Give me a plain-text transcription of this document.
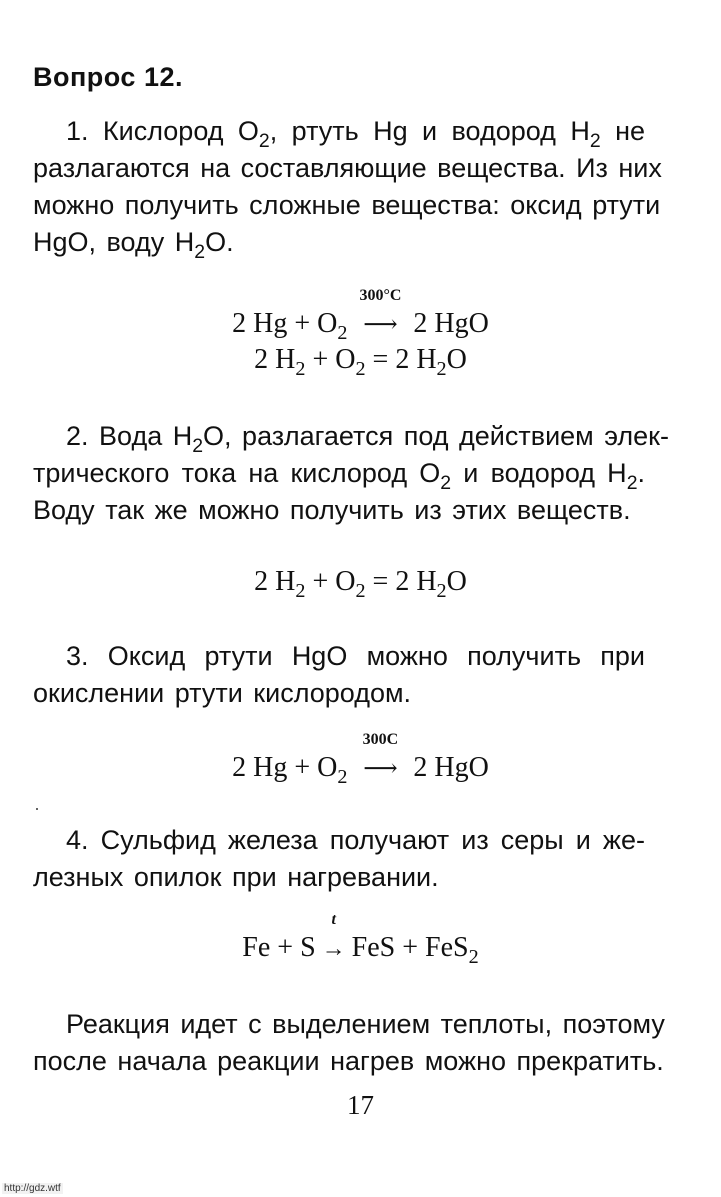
Вопрос 12.
1. Кислород $O_2$, ртуть Hg и водород $H_2$ не
разлагаются на составляющие вещества. Из них
можно получить сложные вещества: оксид ртути
HgO, воду $H_2O$.
2 $Hg + O_2$
300°C
⟶ 2 HgO
2 $H_2 + O_2 = 2$ $H_2O$
2. Вода $H_2O$, разлагается под действием элек-
трического тока на кислород $O_2$ и водород $H_2$.
Воду так же можно получить из этих веществ.
2 $H_2 + O_2 = 2$ $H_2O$
3. Оксид ртути HgO можно получить при
окислении ртути кислородом.
2 $Hg + O_2$
300C
⟶ 2 HgO
4. Сульфид железа получают из серы и же-
лезных опилок при нагревании.
Fe + S
t
→ FeS + FeS$_2$
Реакция идет с выделением теплоты, поэтому
после начала реакции нагрев можно прекратить.
17
http://gdz.wtf
